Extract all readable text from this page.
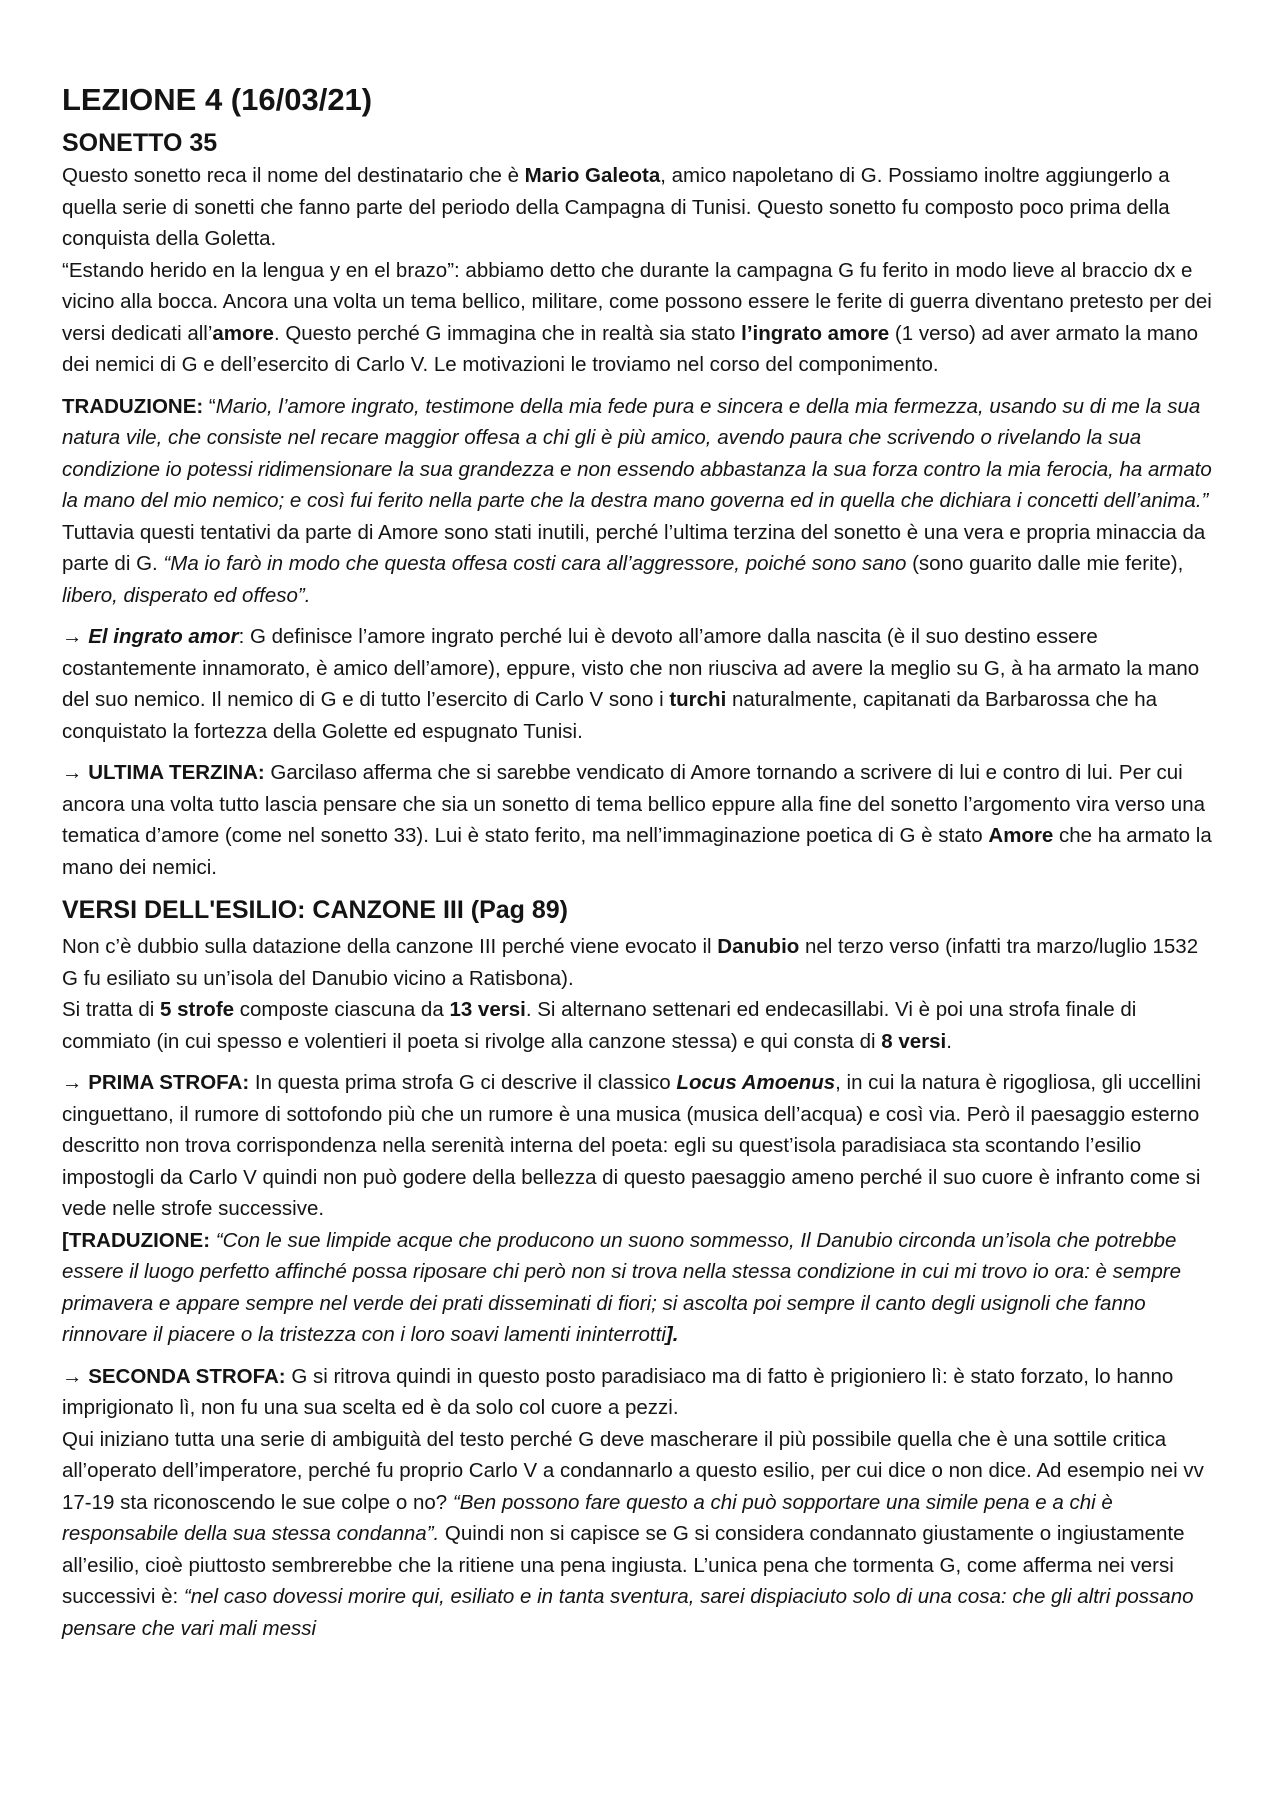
LEZIONE 4 (16/03/21)
SONETTO 35

Questo sonetto reca il nome del destinatario che è Mario Galeota, amico napoletano di G. Possiamo inoltre aggiungerlo a quella serie di sonetti che fanno parte del periodo della Campagna di Tunisi. Questo sonetto fu composto poco prima della conquista della Goletta.

“Estando herido en la lengua y en el brazo”: abbiamo detto che durante la campagna G fu ferito in modo lieve al braccio dx e vicino alla bocca. Ancora una volta un tema bellico, militare, come possono essere le ferite di guerra diventano pretesto per dei versi dedicati all’amore. Questo perché G immagina che in realtà sia stato l’ingrato amore (1 verso) ad aver armato la mano dei nemici di G e dell’esercito di Carlo V. Le motivazioni le troviamo nel corso del componimento.

TRADUZIONE: “Mario, l’amore ingrato, testimone della mia fede pura e sincera e della mia fermezza, usando su di me la sua natura vile, che consiste nel recare maggior offesa a chi gli è più amico, avendo paura che scrivendo o rivelando la sua condizione io potessi ridimensionare la sua grandezza e non essendo abbastanza la sua forza contro la mia ferocia, ha armato la mano del mio nemico; e così fui ferito nella parte che la destra mano governa ed in quella che dichiara i concetti dell’anima.” Tuttavia questi tentativi da parte di Amore sono stati inutili, perché l’ultima terzina del sonetto è una vera e propria minaccia da parte di G. “Ma io farò in modo che questa offesa costi cara all’aggressore, poiché sono sano (sono guarito dalle mie ferite), libero, disperato ed offeso”.

→ El ingrato amor: G definisce l’amore ingrato perché lui è devoto all’amore dalla nascita (è il suo destino essere costantemente innamorato, è amico dell’amore), eppure, visto che non riusciva ad avere la meglio su G, à ha armato la mano del suo nemico. Il nemico di G e di tutto l’esercito di Carlo V sono i turchi naturalmente, capitanati da Barbarossa che ha conquistato la fortezza della Golette ed espugnato Tunisi.

→ ULTIMA TERZINA: Garcilaso afferma che si sarebbe vendicato di Amore tornando a scrivere di lui e contro di lui. Per cui ancora una volta tutto lascia pensare che sia un sonetto di tema bellico eppure alla fine del sonetto l’argomento vira verso una tematica d’amore (come nel sonetto 33). Lui è stato ferito, ma nell’immaginazione poetica di G è stato Amore che ha armato la mano dei nemici.

VERSI DELL'ESILIO: CANZONE III (Pag 89)

Non c’è dubbio sulla datazione della canzone III perché viene evocato il Danubio nel terzo verso (infatti tra marzo/luglio 1532 G fu esiliato su un’isola del Danubio vicino a Ratisbona).

Si tratta di 5 strofe composte ciascuna da 13 versi. Si alternano settenari ed endecasillabi. Vi è poi una strofa finale di commiato (in cui spesso e volentieri il poeta si rivolge alla canzone stessa) e qui consta di 8 versi.

→ PRIMA STROFA: In questa prima strofa G ci descrive il classico Locus Amoenus, in cui la natura è rigogliosa, gli uccellini cinguettano, il rumore di sottofondo più che un rumore è una musica (musica dell’acqua) e così via. Però il paesaggio esterno descritto non trova corrispondenza nella serenità interna del poeta: egli su quest’isola paradisiaca sta scontando l’esilio impostogli da Carlo V quindi non può godere della bellezza di questo paesaggio ameno perché il suo cuore è infranto come si vede nelle strofe successive.

[TRADUZIONE: “Con le sue limpide acque che producono un suono sommesso, Il Danubio circonda un’isola che potrebbe essere il luogo perfetto affinché possa riposare chi però non si trova nella stessa condizione in cui mi trovo io ora: è sempre primavera e appare sempre nel verde dei prati disseminati di fiori; si ascolta poi sempre il canto degli usignoli che fanno rinnovare il piacere o la tristezza con i loro soavi lamenti ininterrotti].

→ SECONDA STROFA: G si ritrova quindi in questo posto paradisiaco ma di fatto è prigioniero lì: è stato forzato, lo hanno imprigionato lì, non fu una sua scelta ed è da solo col cuore a pezzi.

Qui iniziano tutta una serie di ambiguità del testo perché G deve mascherare il più possibile quella che è una sottile critica all’operato dell’imperatore, perché fu proprio Carlo V a condannarlo a questo esilio, per cui dice o non dice. Ad esempio nei vv 17-19 sta riconoscendo le sue colpe o no? “Ben possono fare questo a chi può sopportare una simile pena e a chi è responsabile della sua stessa condanna”. Quindi non si capisce se G si considera condannato giustamente o ingiustamente all’esilio, cioè piuttosto sembrerebbe che la ritiene una pena ingiusta. L’unica pena che tormenta G, come afferma nei versi successivi è: “nel caso dovessi morire qui, esiliato e in tanta sventura, sarei dispiaciuto solo di una cosa: che gli altri possano pensare che vari mali messi
